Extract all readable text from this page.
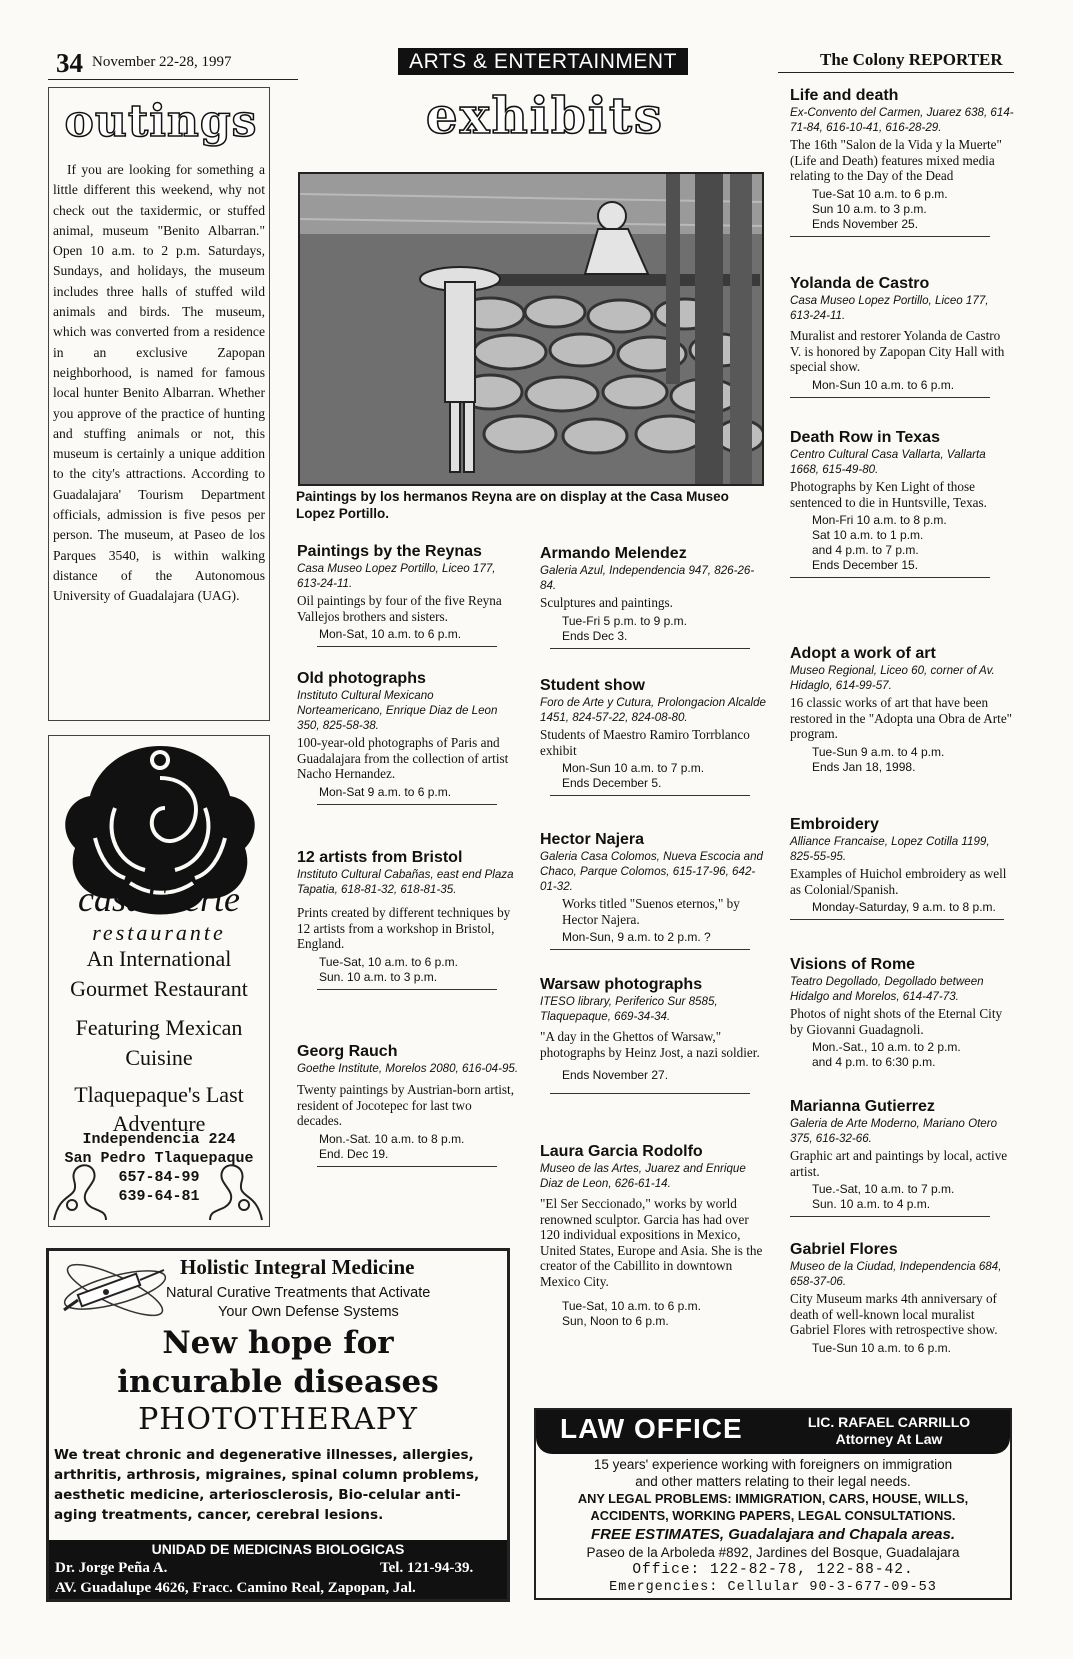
34 November 22-28, 1997	ARTS & ENTERTAINMENT	The Colony REPORTER
outings
If you are looking for something a little different this weekend, why not check out the taxidermic, or stuffed animal, museum "Benito Albarran." Open 10 a.m. to 2 p.m. Saturdays, Sundays, and holidays, the museum includes three halls of stuffed wild animals and birds. The museum, which was converted from a residence in an exclusive Zapopan neighborhood, is named for famous local hunter Benito Albarran. Whether you approve of the practice of hunting and stuffing animals or not, this museum is certainly a unique addition to the city's attractions. According to Guadalajara' Tourism Department officials, admission is five pesos per person. The museum, at Paseo de los Parques 3540, is within walking distance of the Autonomous University of Guadalajara (UAG).
casaFuerte
restaurante
An International
Gourmet Restaurant
Featuring Mexican
Cuisine
Tlaquepaque's Last
Adventure
Independencia 224
San Pedro Tlaquepaque
657-84-99
639-64-81
exhibits
Paintings by los hermanos Reyna are on display at the Casa Museo Lopez Portillo.
Paintings by the Reynas
Casa Museo Lopez Portillo, Liceo 177, 613-24-11.
Oil paintings by four of the five Reyna Vallejos brothers and sisters.
Mon-Sat, 10 a.m. to 6 p.m.
Old photographs
Instituto Cultural Mexicano Norteamericano, Enrique Diaz de Leon 350, 825-58-38.
100-year-old photographs of Paris and Guadalajara from the collection of artist Nacho Hernandez.
Mon-Sat 9 a.m. to 6 p.m.
12 artists from Bristol
Instituto Cultural Cabañas, east end Plaza Tapatia, 618-81-32, 618-81-35.
Prints created by different techniques by 12 artists from a workshop in Bristol, England.
Tue-Sat, 10 a.m. to 6 p.m.
Sun. 10 a.m. to 3 p.m.
Georg Rauch
Goethe Institute, Morelos 2080, 616-04-95.
Twenty paintings by Austrian-born artist, resident of Jocotepec for last two decades.
Mon.-Sat. 10 a.m. to 8 p.m.
End. Dec 19.
Armando Melendez
Galeria Azul, Independencia 947, 826-26-84.
Sculptures and paintings.
Tue-Fri 5 p.m. to 9 p.m.
Ends Dec 3.
Student show
Foro de Arte y Cutura, Prolongacion Alcalde 1451, 824-57-22, 824-08-80.
Students of Maestro Ramiro Torrblanco exhibit
Mon-Sun 10 a.m. to 7 p.m.
Ends December 5.
Hector Najera
Galeria Casa Colomos, Nueva Escocia and Chaco, Parque Colomos, 615-17-96, 642-01-32.
Works titled "Suenos eternos," by Hector Najera.
Mon-Sun, 9 a.m. to 2 p.m. ?
Warsaw photographs
ITESO library, Periferico Sur 8585, Tlaquepaque, 669-34-34.
"A day in the Ghettos of Warsaw," photographs by Heinz Jost, a nazi soldier.
Ends November 27.
Laura Garcia Rodolfo
Museo de las Artes, Juarez and Enrique Diaz de Leon, 626-61-14.
"El Ser Seccionado," works by world renowned sculptor. Garcia has had over 120 individual expositions in Mexico, United States, Europe and Asia. She is the creator of the Cabillito in downtown Mexico City.
Tue-Sat, 10 a.m. to 6 p.m.
Sun, Noon to 6 p.m.
Life and death
Ex-Convento del Carmen, Juarez 638, 614-71-84, 616-10-41, 616-28-29.
The 16th "Salon de la Vida y la Muerte" (Life and Death) features mixed media relating to the Day of the Dead
Tue-Sat 10 a.m. to 6 p.m.
Sun 10 a.m. to 3 p.m.
Ends November 25.
Yolanda de Castro
Casa Museo Lopez Portillo, Liceo 177, 613-24-11.
Muralist and restorer Yolanda de Castro V. is honored by Zapopan City Hall with special show.
Mon-Sun 10 a.m. to 6 p.m.
Death Row in Texas
Centro Cultural Casa Vallarta, Vallarta 1668, 615-49-80.
Photographs by Ken Light of those sentenced to die in Huntsville, Texas.
Mon-Fri 10 a.m. to 8 p.m.
Sat 10 a.m. to 1 p.m.
and 4 p.m. to 7 p.m.
Ends December 15.
Adopt a work of art
Museo Regional, Liceo 60, corner of Av. Hidaglo, 614-99-57.
16 classic works of art that have been restored in the "Adopta una Obra de Arte" program.
Tue-Sun 9 a.m. to 4 p.m.
Ends Jan 18, 1998.
Embroidery
Alliance Francaise, Lopez Cotilla 1199, 825-55-95.
Examples of Huichol embroidery as well as Colonial/Spanish.
Monday-Saturday, 9 a.m. to 8 p.m.
Visions of Rome
Teatro Degollado, Degollado between Hidalgo and Morelos, 614-47-73.
Photos of night shots of the Eternal City by Giovanni Guadagnoli.
Mon.-Sat., 10 a.m. to 2 p.m.
and 4 p.m. to 6:30 p.m.
Marianna Gutierrez
Galeria de Arte Moderno, Mariano Otero 375, 616-32-66.
Graphic art and paintings by local, active artist.
Tue.-Sat, 10 a.m. to 7 p.m.
Sun. 10 a.m. to 4 p.m.
Gabriel Flores
Museo de la Ciudad, Independencia 684, 658-37-06.
City Museum marks 4th anniversary of death of well-known local muralist Gabriel Flores with retrospective show.
Tue-Sun 10 a.m. to 6 p.m.
Holistic Integral Medicine
Natural Curative Treatments that Activate
Your Own Defense Systems
New hope for
incurable diseases
PHOTOTHERAPY
We treat chronic and degenerative illnesses, allergies, arthritis, arthrosis, migraines, spinal column problems, aesthetic medicine, arteriosclerosis, Bio-celular anti-aging treatments, cancer, cerebral lesions.
UNIDAD DE MEDICINAS BIOLOGICAS
Dr. Jorge Peña A.	Tel. 121-94-39.
AV. Guadalupe 4626, Fracc. Camino Real, Zapopan, Jal.
LAW OFFICE	LIC. RAFAEL CARRILLO
Attorney At Law
15 years' experience working with foreigners on immigration
and other matters relating to their legal needs.
ANY LEGAL PROBLEMS: IMMIGRATION, CARS, HOUSE, WILLS,
ACCIDENTS, WORKING PAPERS, LEGAL CONSULTATIONS.
FREE ESTIMATES, Guadalajara and Chapala areas.
Paseo de la Arboleda #892, Jardines del Bosque, Guadalajara
Office: 122-82-78, 122-88-42.
Emergencies: Cellular 90-3-677-09-53
